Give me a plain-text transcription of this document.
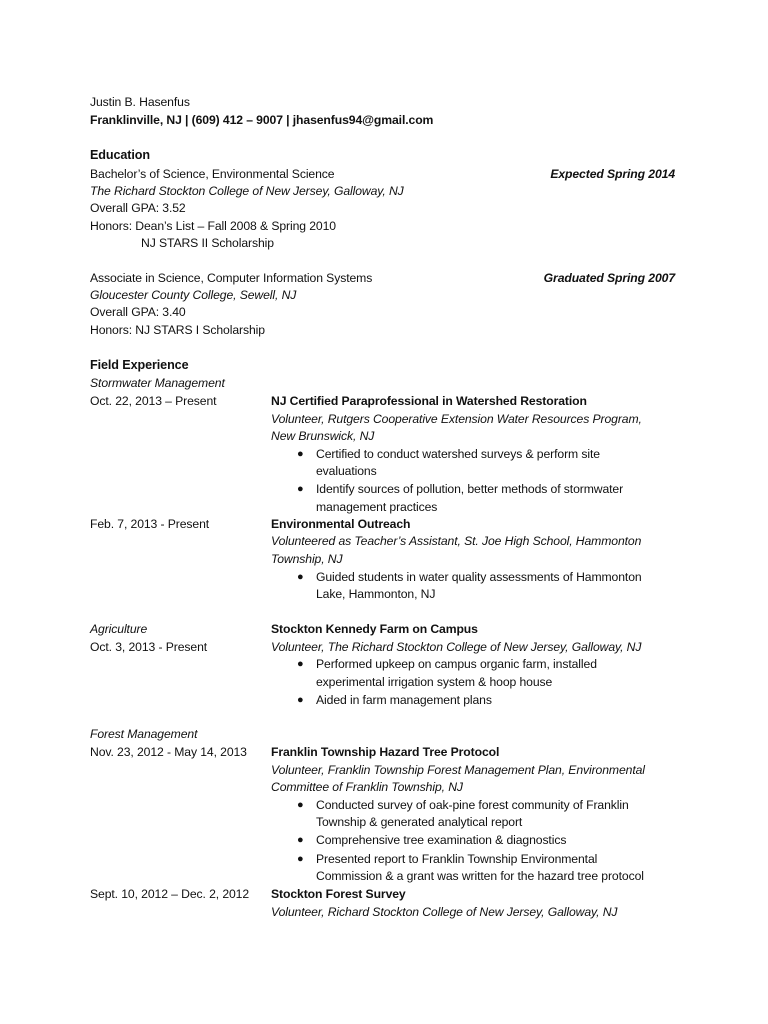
Justin B. Hasenfus
Franklinville, NJ | (609) 412 – 9007 | jhasenfus94@gmail.com
Education
Bachelor’s of Science, Environmental Science	Expected Spring 2014
The Richard Stockton College of New Jersey, Galloway, NJ
Overall GPA: 3.52
Honors: Dean’s List – Fall 2008 & Spring 2010
NJ STARS II Scholarship
Associate in Science, Computer Information Systems	Graduated Spring 2007
Gloucester County College, Sewell, NJ
Overall GPA: 3.40
Honors: NJ STARS I Scholarship
Field Experience
Stormwater Management
Oct. 22, 2013 – Present	NJ Certified Paraprofessional in Watershed Restoration
Volunteer, Rutgers Cooperative Extension Water Resources Program,
New Brunswick, NJ
● Certified to conduct watershed surveys & perform site
evaluations
● Identify sources of pollution, better methods of stormwater
management practices
Feb. 7, 2013 - Present	Environmental Outreach
Volunteered as Teacher’s Assistant, St. Joe High School, Hammonton
Township, NJ
● Guided students in water quality assessments of Hammonton
Lake, Hammonton, NJ
Agriculture	Stockton Kennedy Farm on Campus
Oct. 3, 2013 - Present	Volunteer, The Richard Stockton College of New Jersey, Galloway, NJ
● Performed upkeep on campus organic farm, installed
experimental irrigation system & hoop house
● Aided in farm management plans
Forest Management
Nov. 23, 2012 - May 14, 2013 Franklin Township Hazard Tree Protocol
Volunteer, Franklin Township Forest Management Plan, Environmental
Committee of Franklin Township, NJ
● Conducted survey of oak-pine forest community of Franklin
Township & generated analytical report
● Comprehensive tree examination & diagnostics
● Presented report to Franklin Township Environmental
Commission & a grant was written for the hazard tree protocol
Sept. 10, 2012 – Dec. 2, 2012 Stockton Forest Survey
Volunteer, Richard Stockton College of New Jersey, Galloway, NJ
